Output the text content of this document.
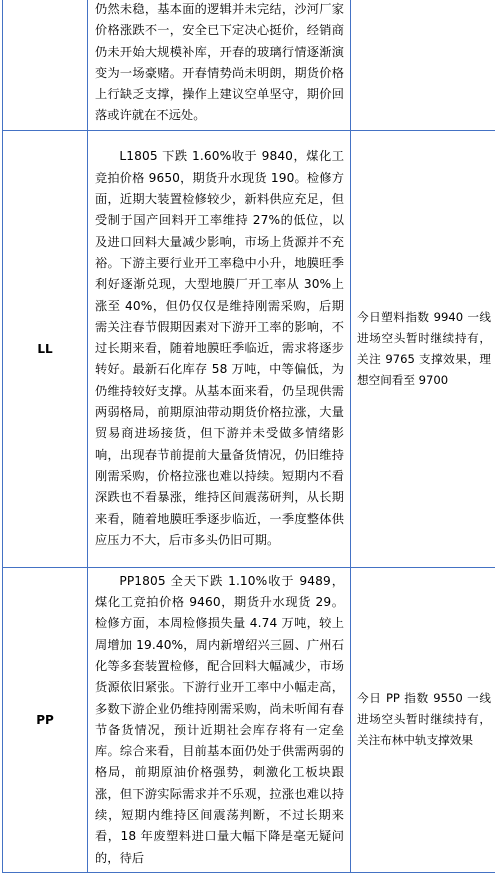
	仍然未稳，基本面的逻辑并未完结，沙河厂家价格涨跌不一，安全已下定决心挺价，经销商仍未开始大规模补库，开春的玻璃行情逐渐演变为一场豪赌。开春情势尚未明朗，期货价格上行缺乏支撑，操作上建议空单坚守，期价回落或许就在不远处。	

LL	L1805 下跌 1.60%收于 9840，煤化工竞拍价格 9650，期货升水现货 190。检修方面，近期大装置检修较少，新料供应充足，但受制于国产回料开工率维持 27%的低位，以及进口回料大量减少影响，市场上货源并不充裕。下游主要行业开工率稳中小升，地膜旺季利好逐渐兑现，大型地膜厂开工率从 30%上涨至 40%，但仍仅仅是维持刚需采购，后期需关注春节假期因素对下游开工率的影响，不过长期来看，随着地膜旺季临近，需求将逐步转好。最新石化库存 58 万吨，中等偏低，为仍维持较好支撑。从基本面来看，仍呈现供需两弱格局，前期原油带动期货价格拉涨，大量贸易商进场接货，但下游并未受做多情绪影响，出现春节前提前大量备货情况，仍旧维持刚需采购，价格拉涨也难以持续。短期内不看深跌也不看暴涨，维持区间震荡研判，从长期来看，随着地膜旺季逐步临近，一季度整体供应压力不大，后市多头仍旧可期。	今日塑料指数 9940 一线进场空头暂时继续持有，关注 9765 支撑效果，理想空间看至 9700

PP	PP1805 全天下跌 1.10%收于 9489，煤化工竞拍价格 9460，期货升水现货 29。检修方面，本周检修损失量 4.74 万吨，较上周增加 19.40%，周内新增绍兴三圆、广州石化等多套装置检修，配合回料大幅减少，市场货源依旧紧张。下游行业开工率中小幅走高，多数下游企业仍维持刚需采购，尚未听闻有春节备货情况，预计近期社会库存将有一定垒库。综合来看，目前基本面仍处于供需两弱的格局，前期原油价格强势，刺激化工板块跟涨，但下游实际需求并不乐观，拉涨也难以持续，短期内维持区间震荡判断，不过长期来看，18 年废塑料进口量大幅下降是毫无疑问的，待后	今日 PP 指数 9550 一线进场空头暂时继续持有，关注布林中轨支撑效果
